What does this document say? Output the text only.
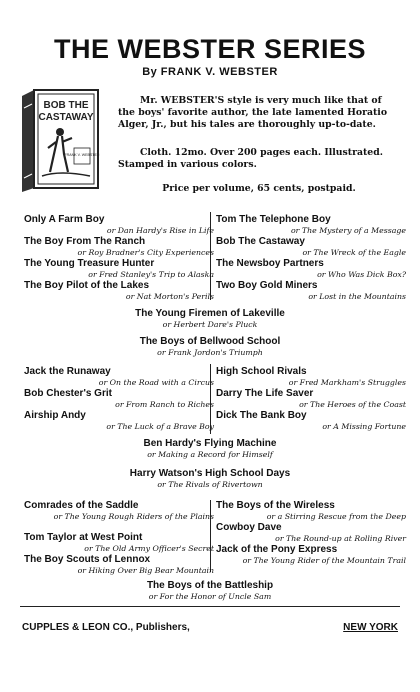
THE WEBSTER SERIES
By FRANK V. WEBSTER
BOB THE
CASTAWAY
FRANK V. WEBSTER

Mr. WEBSTER'S style is very much like that of the boys' favorite author, the late lamented Horatio Alger, Jr., but his tales are thoroughly up-to-date.

Cloth. 12mo. Over 200 pages each. Illustrated. Stamped in various colors.

Price per volume, 65 cents, postpaid.
Only A Farm Boy
or Dan Hardy's Rise in Life
Tom The Telephone Boy
or The Mystery of a Message
The Boy From The Ranch
or Roy Bradner's City Experiences
Bob The Castaway
or The Wreck of the Eagle
The Young Treasure Hunter
or Fred Stanley's Trip to Alaska
The Newsboy Partners
or Who Was Dick Box?
The Boy Pilot of the Lakes
or Nat Morton's Perils
Two Boy Gold Miners
or Lost in the Mountains
The Young Firemen of Lakeville
or Herbert Dare's Pluck
The Boys of Bellwood School
or Frank Jordon's Triumph
Jack the Runaway
or On the Road with a Circus
High School Rivals
or Fred Markham's Struggles
Bob Chester's Grit
or From Ranch to Riches
Darry The Life Saver
or The Heroes of the Coast
Airship Andy
or The Luck of a Brave Boy
Dick The Bank Boy
or A Missing Fortune
Ben Hardy's Flying Machine
or Making a Record for Himself
Harry Watson's High School Days
or The Rivals of Rivertown
Comrades of the Saddle
or The Young Rough Riders of the Plains
The Boys of the Wireless
or a Stirring Rescue from the Deep
Tom Taylor at West Point
or The Old Army Officer's Secret
Cowboy Dave
or The Round-up at Rolling River
The Boy Scouts of Lennox
or Hiking Over Big Bear Mountain
Jack of the Pony Express
or The Young Rider of the Mountain Trail
The Boys of the Battleship
or For the Honor of Uncle Sam
CUPPLES & LEON CO., Publishers,	NEW YORK
